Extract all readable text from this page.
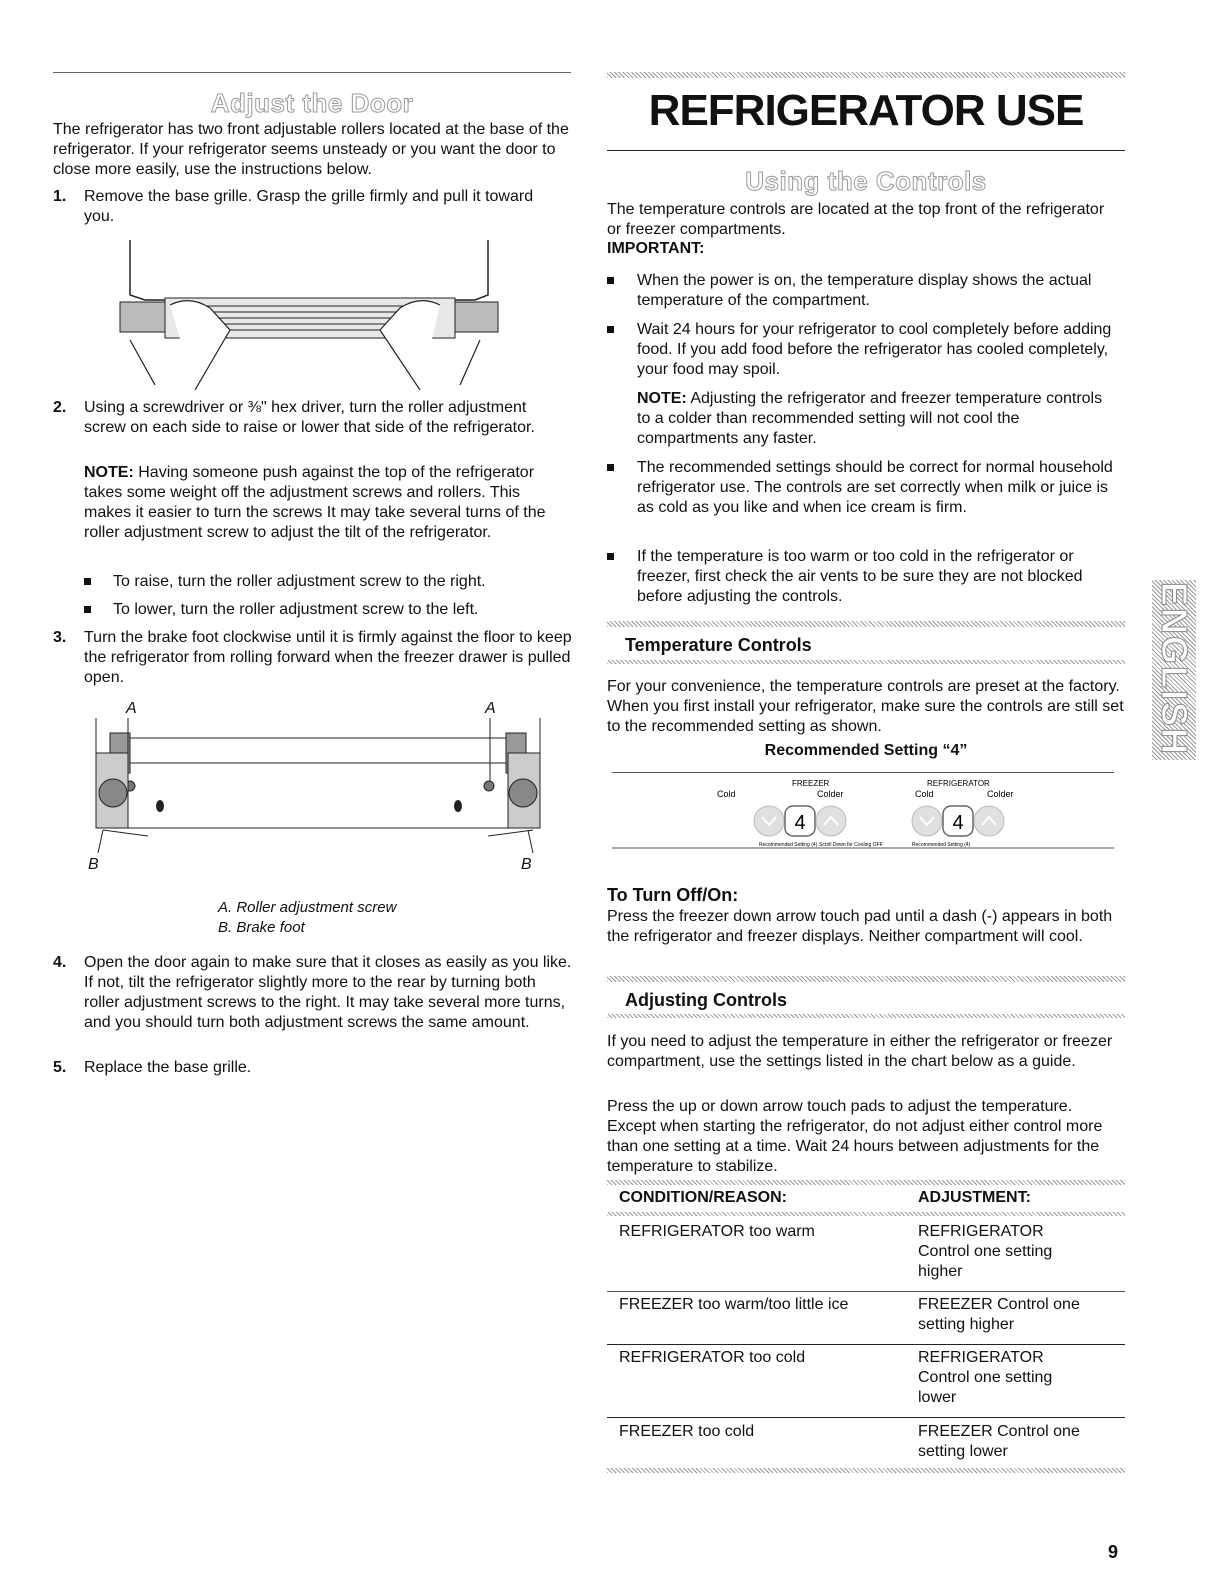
Adjust the Door

The refrigerator has two front adjustable rollers located at the base of the refrigerator. If your refrigerator seems unsteady or you want the door to close more easily, use the instructions below.

1. Remove the base grille. Grasp the grille firmly and pull it toward you.
2. Using a screwdriver or ⅜" hex driver, turn the roller adjustment screw on each side to raise or lower that side of the refrigerator.

NOTE: Having someone push against the top of the refrigerator takes some weight off the adjustment screws and rollers. This makes it easier to turn the screws It may take several turns of the roller adjustment screw to adjust the tilt of the refrigerator.

To raise, turn the roller adjustment screw to the right.
To lower, turn the roller adjustment screw to the left.
3. Turn the brake foot clockwise until it is firmly against the floor to keep the refrigerator from rolling forward when the freezer drawer is pulled open.
A	A
B	B
A. Roller adjustment screw
B. Brake foot
4. Open the door again to make sure that it closes as easily as you like. If not, tilt the refrigerator slightly more to the rear by turning both roller adjustment screws to the right. It may take several more turns, and you should turn both adjustment screws the same amount.
5. Replace the base grille.
REFRIGERATOR USE
Using the Controls

The temperature controls are located at the top front of the refrigerator or freezer compartments.

IMPORTANT:
When the power is on, the temperature display shows the actual temperature of the compartment.
Wait 24 hours for your refrigerator to cool completely before adding food. If you add food before the refrigerator has cooled completely, your food may spoil.

NOTE: Adjusting the refrigerator and freezer temperature controls to a colder than recommended setting will not cool the compartments any faster.

The recommended settings should be correct for normal household refrigerator use. The controls are set correctly when milk or juice is as cold as you like and when ice cream is firm.
If the temperature is too warm or too cold in the refrigerator or freezer, first check the air vents to be sure they are not blocked before adjusting the controls.
Temperature Controls

For your convenience, the temperature controls are preset at the factory. When you first install your refrigerator, make sure the controls are still set to the recommended setting as shown.

Recommended Setting “4”
FREEZER
Cold	Colder
REFRIGERATOR
Cold	Colder
4	4
Recommended Setting (4) Scroll Down for Cooling OFF	Recommended Setting (4)
To Turn Off/On:

Press the freezer down arrow touch pad until a dash (-) appears in both the refrigerator and freezer displays. Neither compartment will cool.

Adjusting Controls

If you need to adjust the temperature in either the refrigerator or freezer compartment, use the settings listed in the chart below as a guide.

Press the up or down arrow touch pads to adjust the temperature. Except when starting the refrigerator, do not adjust either control more than one setting at a time. Wait 24 hours between adjustments for the temperature to stabilize.

CONDITION/REASON:	ADJUSTMENT:
REFRIGERATOR too warm	REFRIGERATOR Control one setting higher
FREEZER too warm/too little ice	FREEZER Control one setting higher
REFRIGERATOR too cold	REFRIGERATOR Control one setting lower
FREEZER too cold	FREEZER Control one setting lower
ENGLISH
9
